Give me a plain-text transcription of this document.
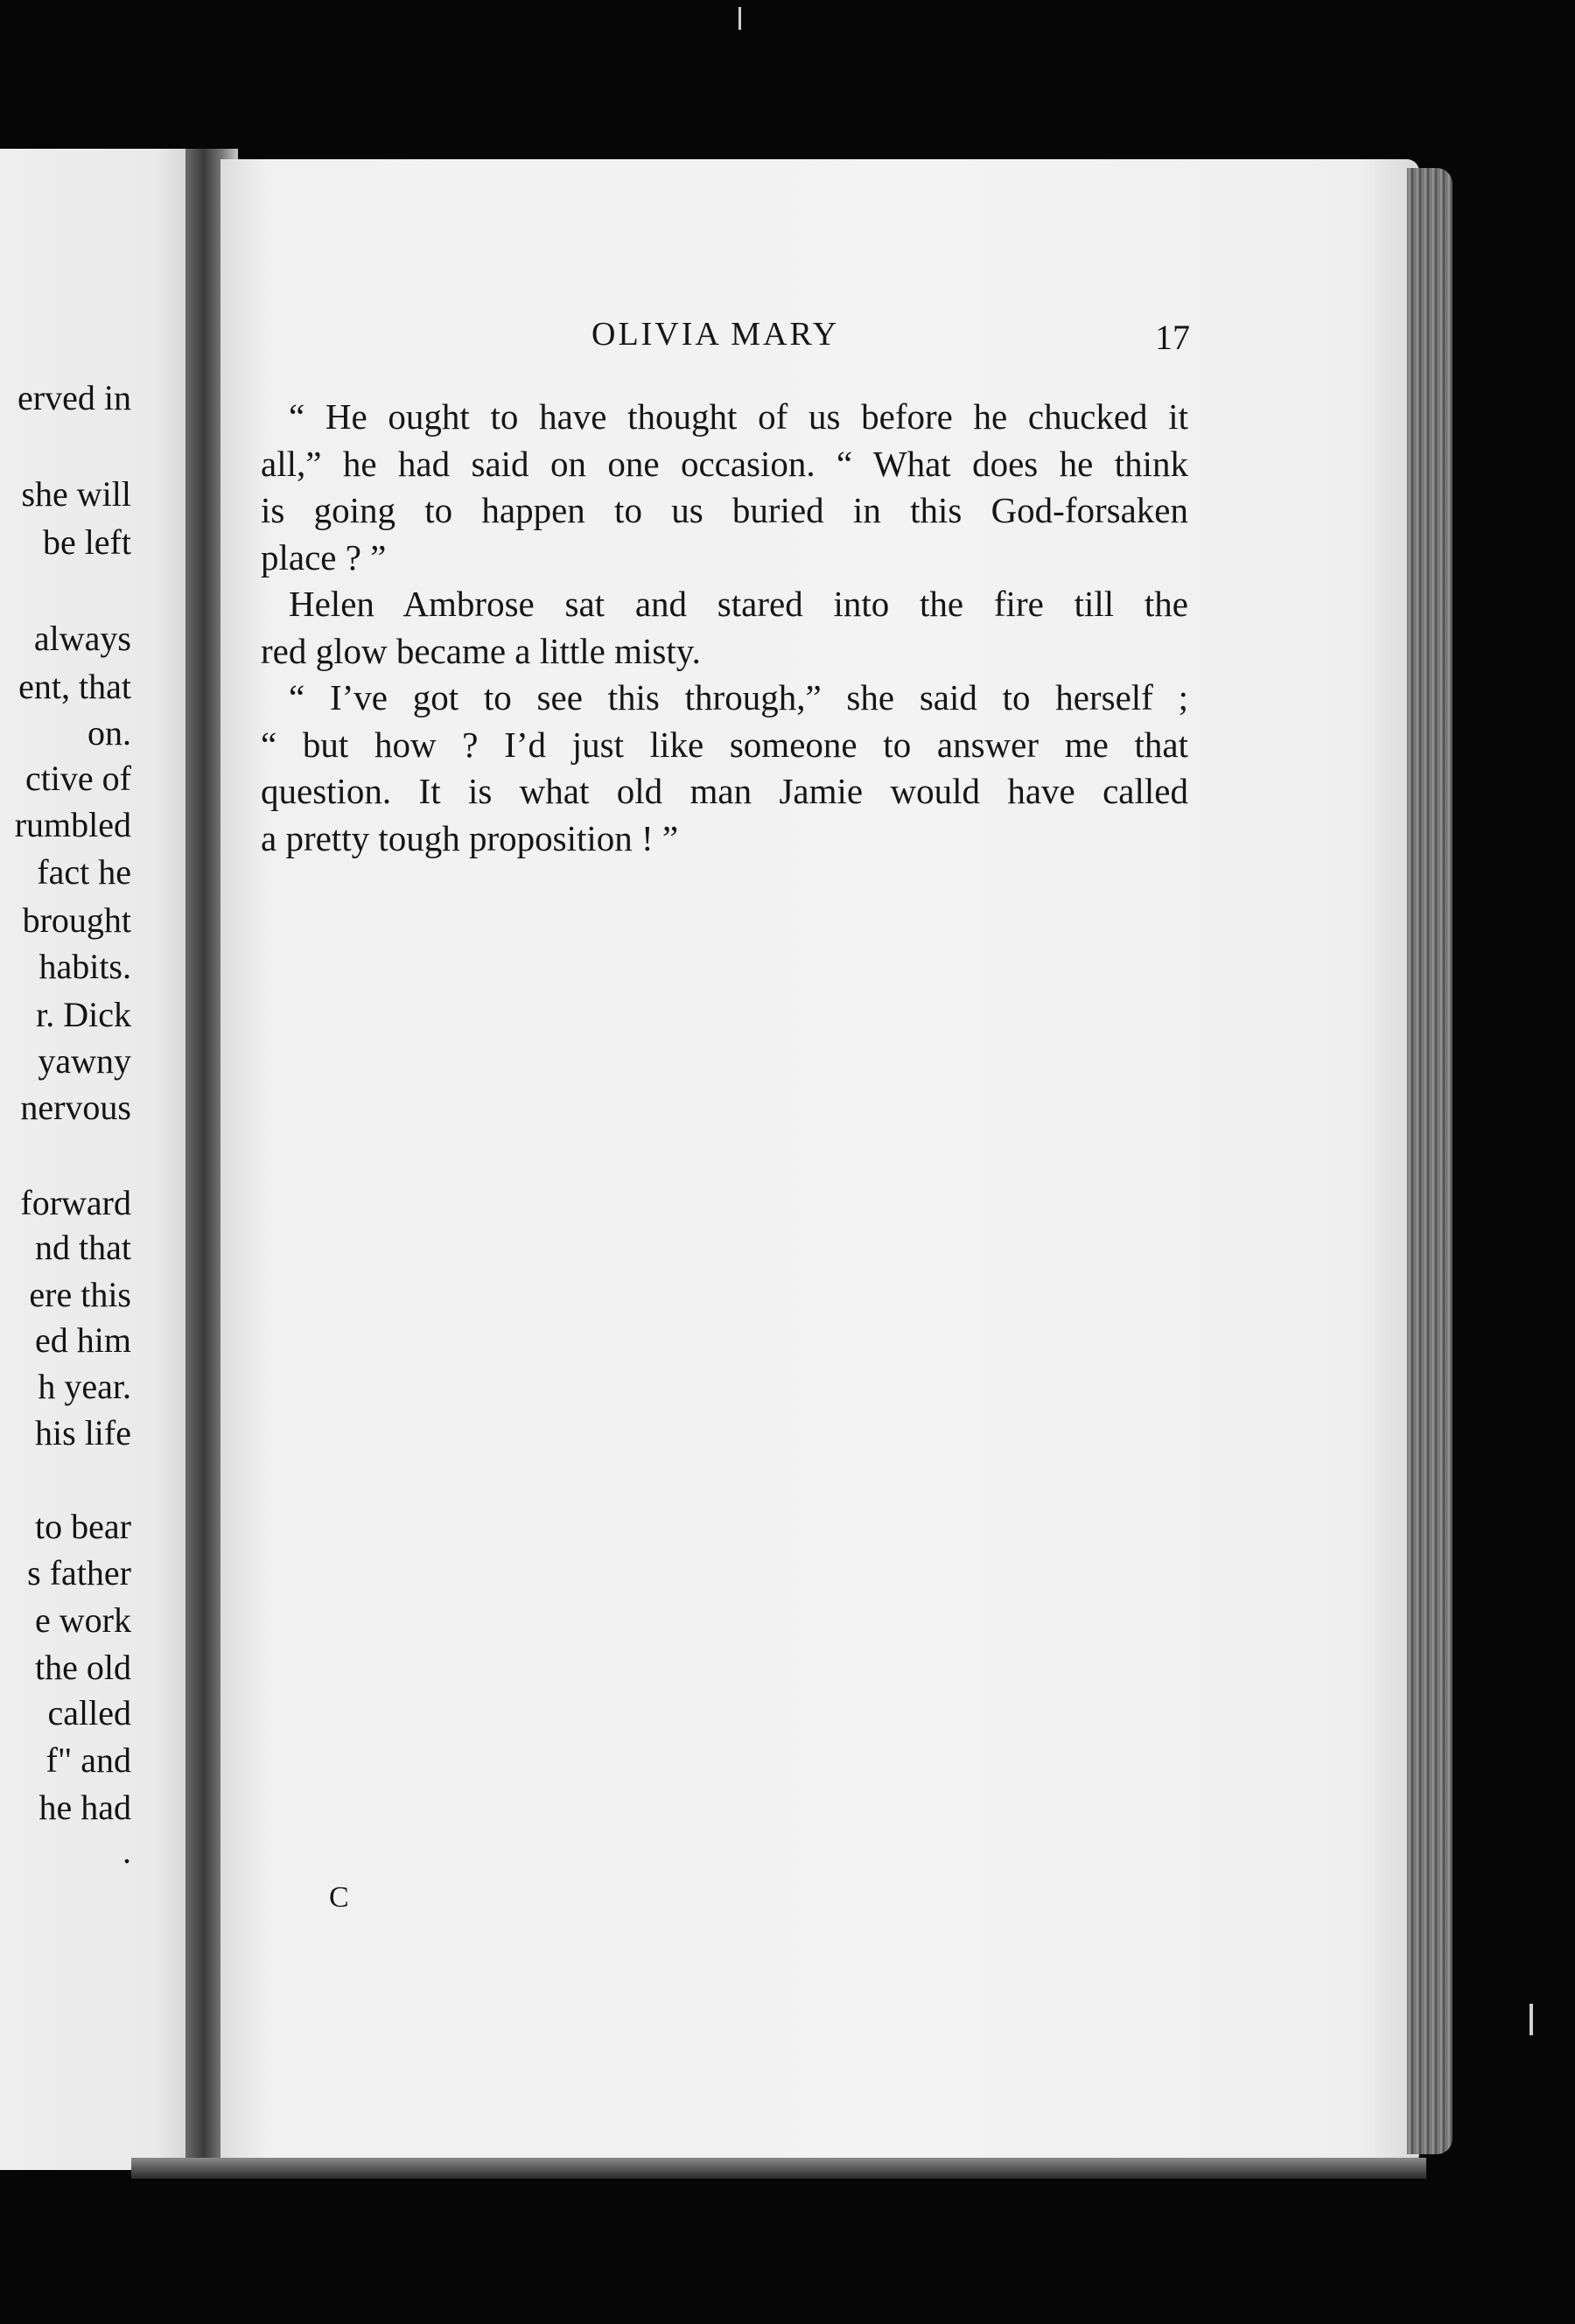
erved in
she will
be left
always
ent, that
on.
ctive of
rumbled
fact he
brought
habits.
r. Dick
yawny
nervous
forward
nd that
ere this
ed him
h year.
his life
to bear
s father
e work
the old
called
f" and
he had
.
OLIVIA MARY	17
“ He ought to have thought of us before he chucked it
all,” he had said on one occasion. “ What does he think
is going to happen to us buried in this God-forsaken
place ? ”
Helen Ambrose sat and stared into the fire till the
red glow became a little misty.
“ I’ve got to see this through,” she said to herself ;
“ but how ? I’d just like someone to answer me that
question. It is what old man Jamie would have called
a pretty tough proposition ! ”
C
